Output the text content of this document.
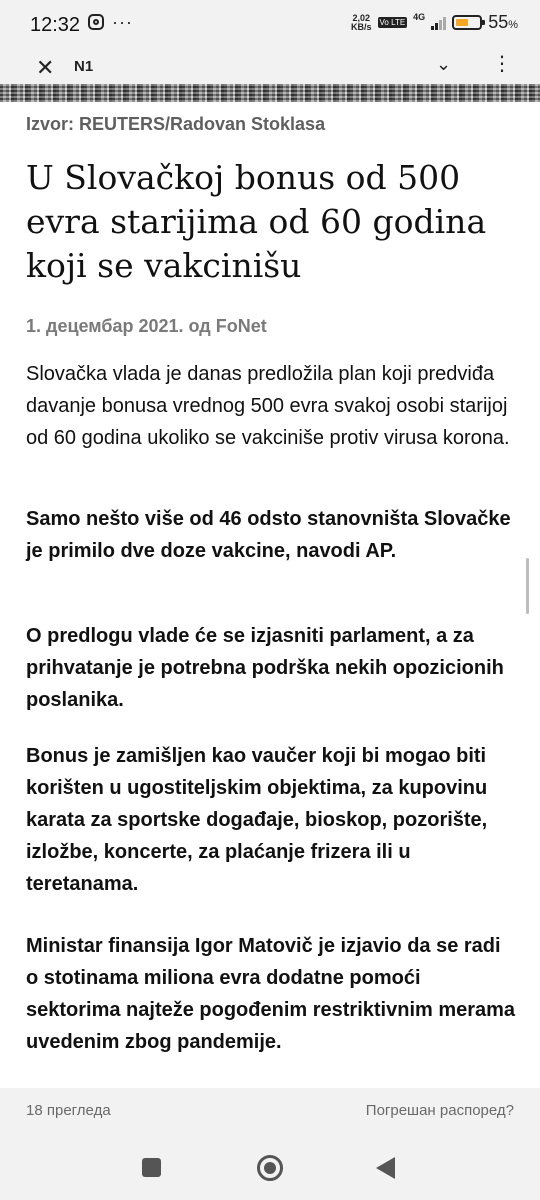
12:32 ···	2,02
KB/s Vo LTE
4G	55%
✕ N1	⌄ ⋮
Izvor: REUTERS/Radovan Stoklasa
U Slovačkoj bonus od 500 evra starijima od 60 godina koji se vakcinišu
1. децембар 2021. од FoNet

Slovačka vlada je danas predložila plan koji predviđa davanje bonusa vrednog 500 evra svakoj osobi starijoj od 60 godina ukoliko se vakciniše protiv virusa korona.

Samo nešto više od 46 odsto stanovništa Slovačke je primilo dve doze vakcine, navodi AP.

O predlogu vlade će se izjasniti parlament, a za prihvatanje je potrebna podrška nekih opozicionih poslanika.

Bonus je zamišljen kao vaučer koji bi mogao biti korišten u ugostiteljskim objektima, za kupovinu karata za sportske događaje, bioskop, pozorište, izložbe, koncerte, za plaćanje frizera ili u teretanama.

Ministar finansija Igor Matovič je izjavio da se radi o stotinama miliona evra dodatne pomoći sektorima najteže pogođenim restriktivnim merama uvedenim zbog pandemije.

18 прегледа	Погрешан распоред?
